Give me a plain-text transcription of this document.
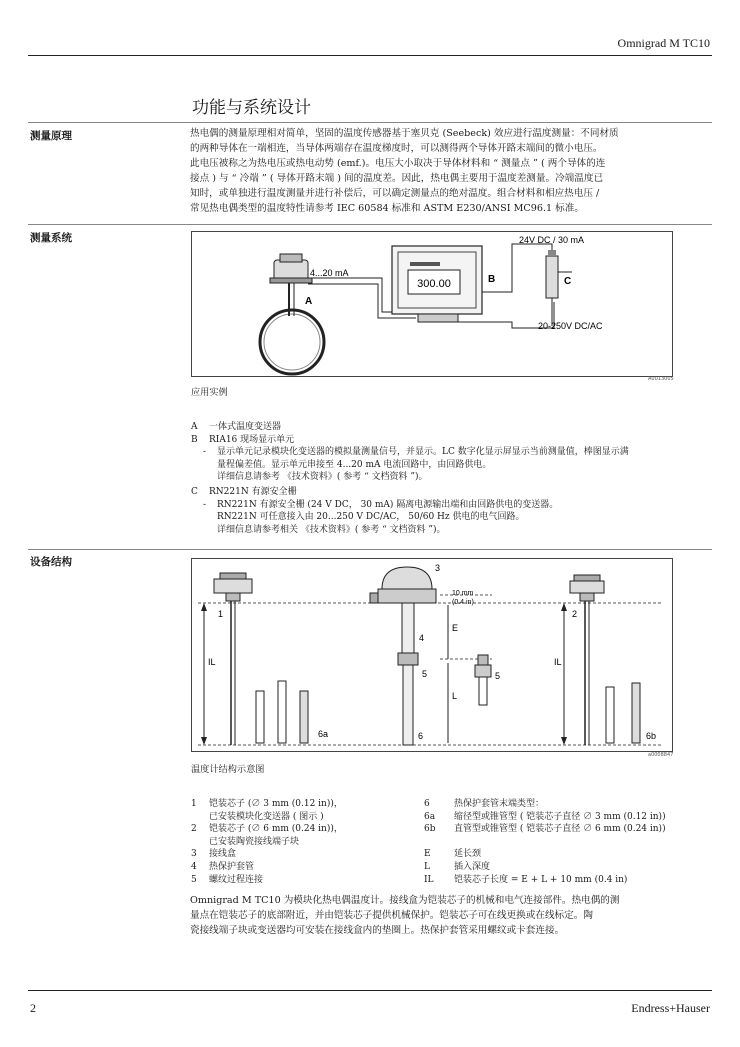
Omnigrad M TC10
功能与系统设计
测量原理	热电偶的测量原理相对简单，坚固的温度传感器基于塞贝克 (Seebeck) 效应进行温度测量：不同材质
的两种导体在一端相连，当导体两端存在温度梯度时，可以测得两个导体开路末端间的微小电压。
此电压被称之为热电压或热电动势 (emf.)。电压大小取决于导体材料和 “ 测量点 ” ( 两个导体的连
接点 ) 与 “ 冷端 ” ( 导体开路末端 ) 间的温度差。因此，热电偶主要用于温度差测量。冷端温度已
知时，或单独进行温度测量并进行补偿后，可以确定测量点的绝对温度。组合材料和相应热电压 /
常见热电偶类型的温度特性请参考 IEC 60584 标准和 ASTM E230/ANSI MC96.1 标准。
测量系统
4...20 mA
A
B	C
24V DC / 30 mA
20-250V DC/AC
300.00
A0013005
应用实例
A	一体式温度变送器
B	RIA16 现场显示单元
-	显示单元记录模块化变送器的模拟量测量信号，并显示。LC 数字化显示屏显示当前测量值，棒图显示满
量程偏差值。显示单元串接至 4...20 mA 电流回路中，由回路供电。
详细信息请参考 《技术资料》( 参考 “ 文档资料 ”)。
C	RN221N 有源安全栅
-	RN221N 有源安全栅 (24 V DC， 30 mA) 隔离电源输出端和由回路供电的变送器。
RN221N 可任意接入由 20...250 V DC/AC， 50/60 Hz 供电的电气回路。
详细信息请参考相关 《技术资料》( 参考 “ 文档资料 ”)。
设备结构
1
IL
6a
3
4
5	5
6
E
L
10 mm
(0.4 in)
2
IL
6b
a0008847
温度计结构示意图
1	铠装芯子 (∅ 3 mm (0.12 in))，
已安装模块化变送器 ( 图示 )
2	铠装芯子 (∅ 6 mm (0.24 in))，
已安装陶瓷接线端子块
3	接线盒
4	热保护套管
5	螺纹过程连接
6	热保护套管末端类型：
6a	缩径型或锥管型 ( 铠装芯子直径 ∅ 3 mm (0.12 in))
6b	直管型或锥管型 ( 铠装芯子直径 ∅ 6 mm (0.24 in))
E	延长颈
L	插入深度
IL	铠装芯子长度 = E + L + 10 mm (0.4 in)
Omnigrad M TC10 为模块化热电偶温度计。接线盒为铠装芯子的机械和电气连接部件。热电偶的测
量点在铠装芯子的底部附近，并由铠装芯子提供机械保护。铠装芯子可在线更换或在线标定。陶
瓷接线端子块或变送器均可安装在接线盒内的垫圈上。热保护套管采用螺纹或卡套连接。
2	Endress+Hauser
